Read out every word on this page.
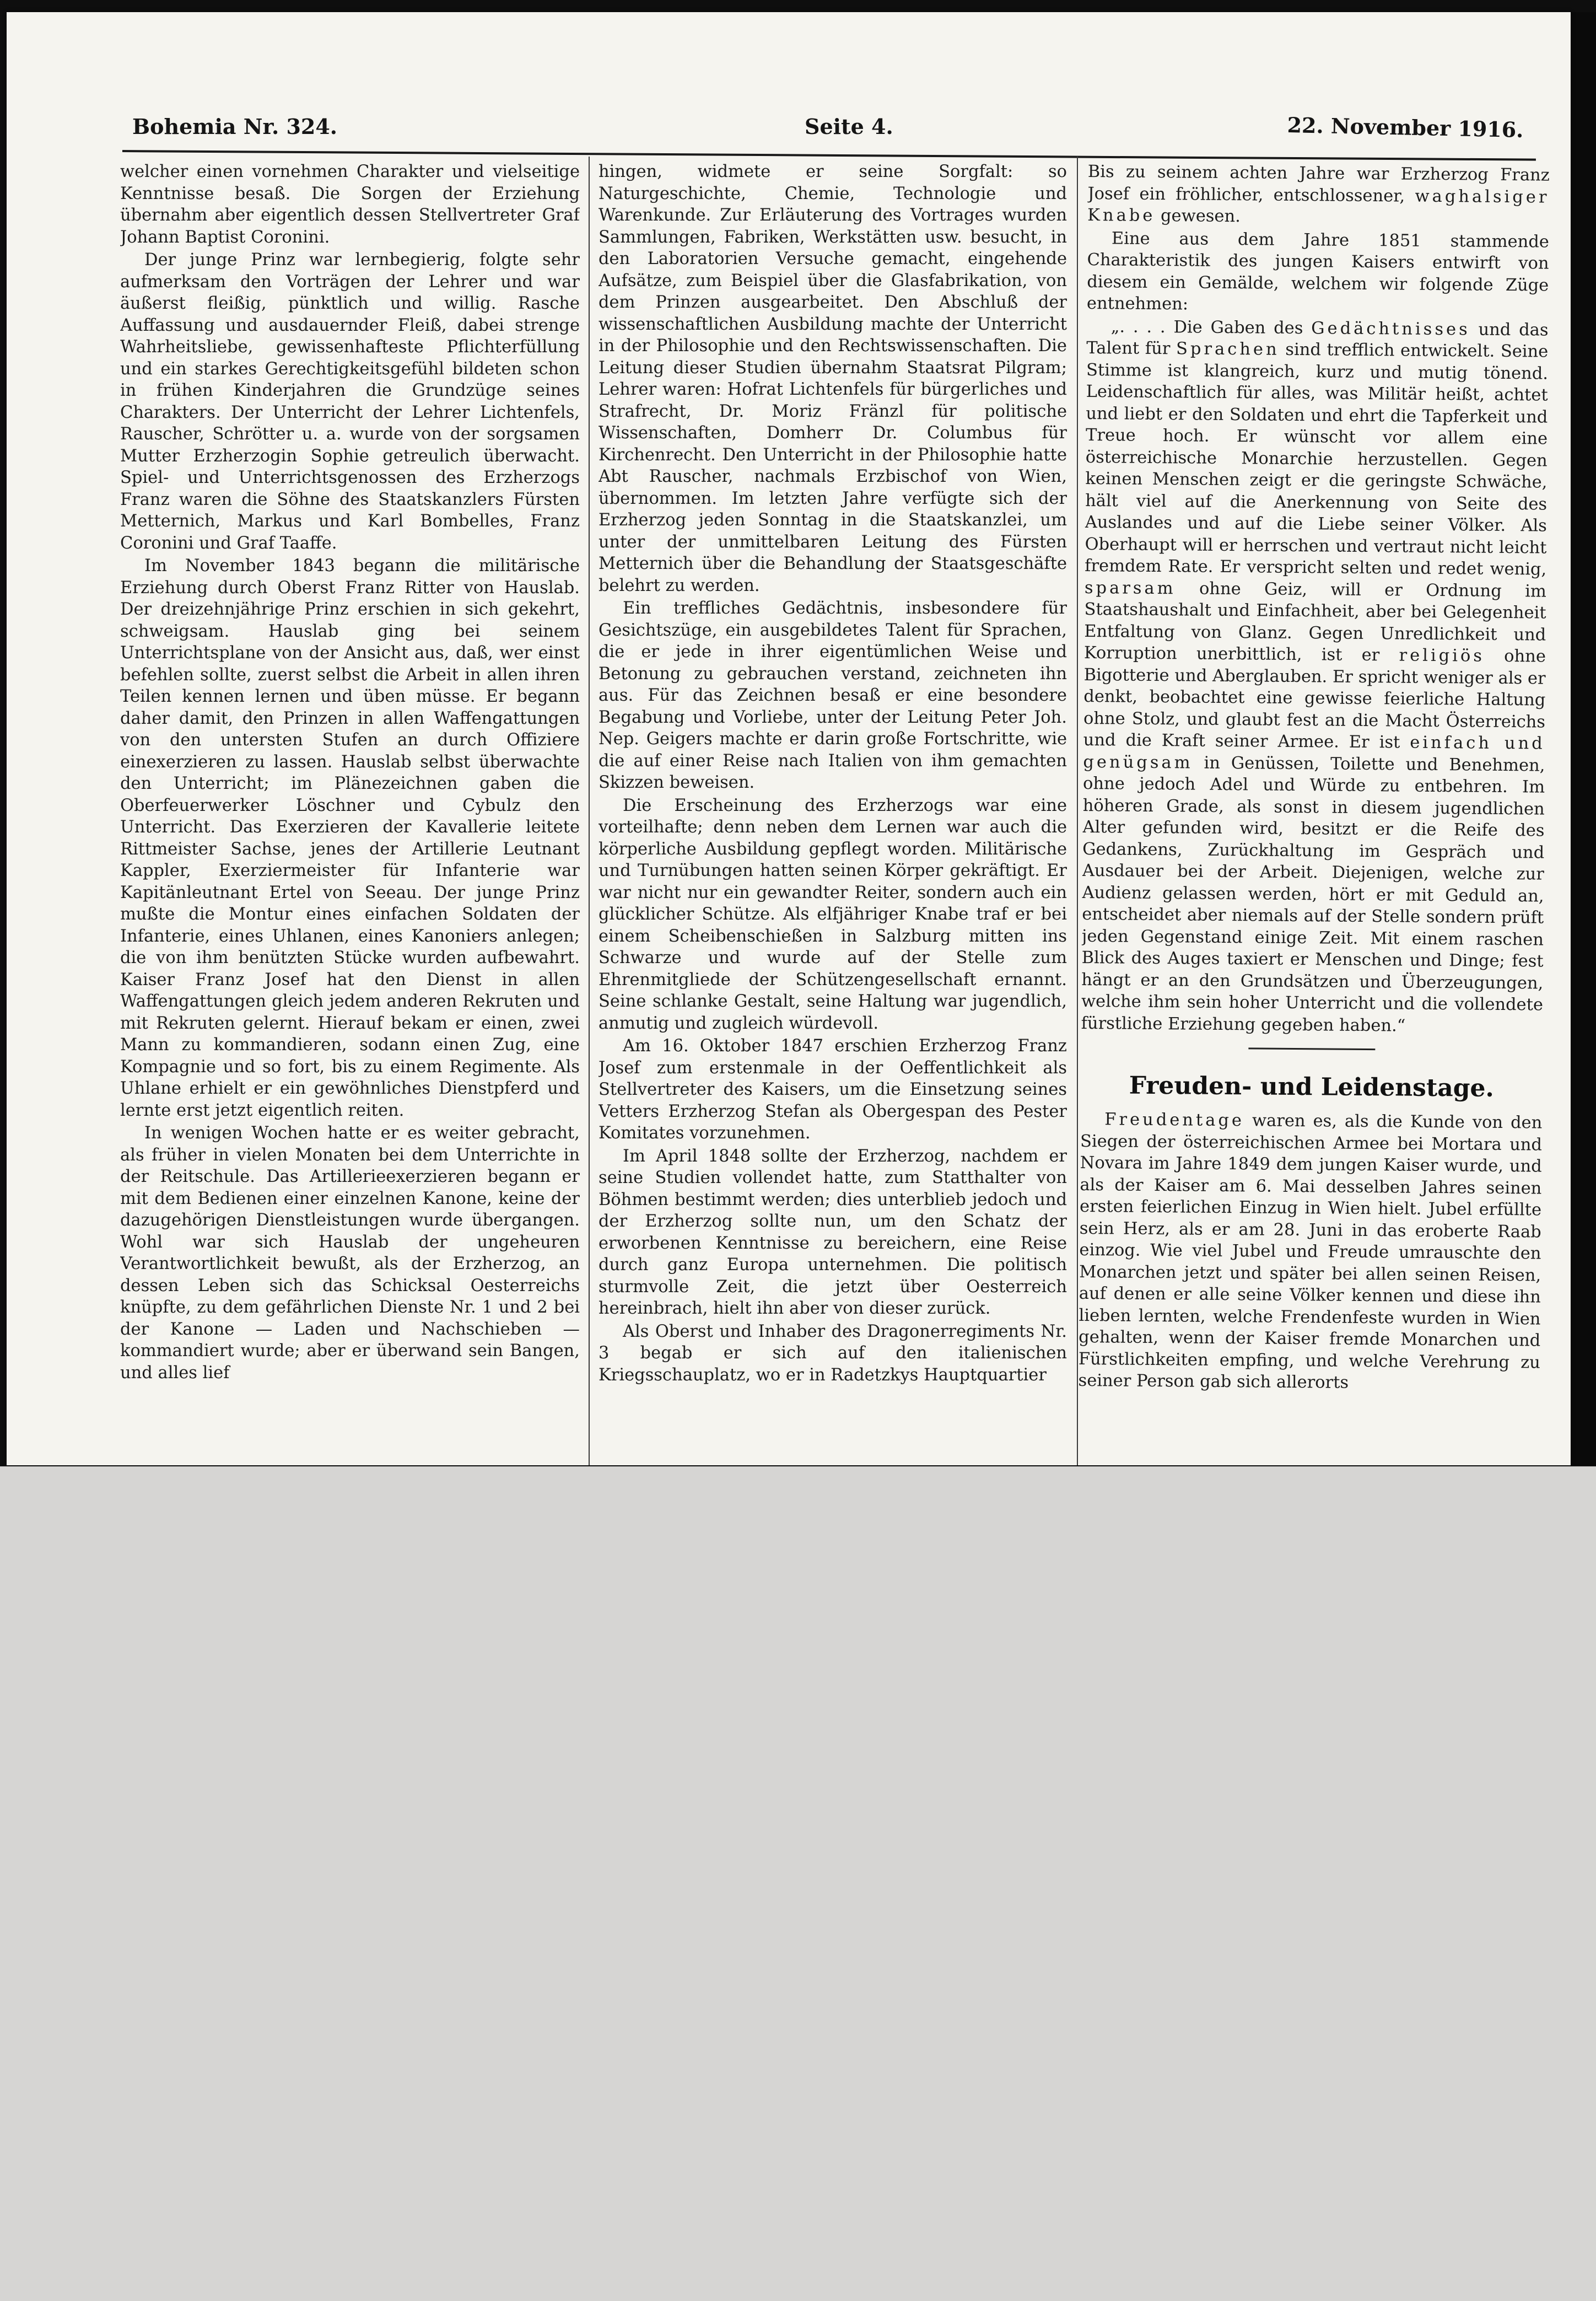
Bohemia Nr. 324.	Seite 4.	22. November 1916.

welcher einen vornehmen Charakter und vielseitige Kenntnisse besaß. Die Sorgen der Erziehung übernahm aber eigentlich dessen Stellvertreter Graf Johann Baptist Coronini.

Der junge Prinz war lernbegierig, folgte sehr aufmerksam den Vorträgen der Lehrer und war äußerst fleißig, pünktlich und willig. Rasche Auffassung und ausdauernder Fleiß, dabei strenge Wahrheitsliebe, gewissenhafteste Pflichterfüllung und ein starkes Gerechtigkeitsgefühl bildeten schon in frühen Kinderjahren die Grundzüge seines Charakters. Der Unterricht der Lehrer Lichtenfels, Rauscher, Schrötter u. a. wurde von der sorgsamen Mutter Erzherzogin Sophie getreulich überwacht. Spiel- und Unterrichtsgenossen des Erzherzogs Franz waren die Söhne des Staatskanzlers Fürsten Metternich, Markus und Karl Bombelles, Franz Coronini und Graf Taaffe.

Im November 1843 begann die militärische Erziehung durch Oberst Franz Ritter von Hauslab. Der dreizehnjährige Prinz erschien in sich gekehrt, schweigsam. Hauslab ging bei seinem Unterrichtsplane von der Ansicht aus, daß, wer einst befehlen sollte, zuerst selbst die Arbeit in allen ihren Teilen kennen lernen und üben müsse. Er begann daher damit, den Prinzen in allen Waffengattungen von den untersten Stufen an durch Offiziere einexerzieren zu lassen. Hauslab selbst überwachte den Unterricht; im Plänezeichnen gaben die Oberfeuerwerker Löschner und Cybulz den Unterricht. Das Exerzieren der Kavallerie leitete Rittmeister Sachse, jenes der Artillerie Leutnant Kappler, Exerziermeister für Infanterie war Kapitänleutnant Ertel von Seeau. Der junge Prinz mußte die Montur eines einfachen Soldaten der Infanterie, eines Uhlanen, eines Kanoniers anlegen; die von ihm benützten Stücke wurden aufbewahrt. Kaiser Franz Josef hat den Dienst in allen Waffengattungen gleich jedem anderen Rekruten und mit Rekruten gelernt. Hierauf bekam er einen, zwei Mann zu kommandieren, sodann einen Zug, eine Kompagnie und so fort, bis zu einem Regimente. Als Uhlane erhielt er ein gewöhnliches Dienstpferd und lernte erst jetzt eigentlich reiten.

In wenigen Wochen hatte er es weiter gebracht, als früher in vielen Monaten bei dem Unterrichte in der Reitschule. Das Artillerieexerzieren begann er mit dem Bedienen einer einzelnen Kanone, keine der dazugehörigen Dienstleistungen wurde übergangen. Wohl war sich Hauslab der ungeheuren Verantwortlichkeit bewußt, als der Erzherzog, an dessen Leben sich das Schicksal Oesterreichs knüpfte, zu dem gefährlichen Dienste Nr. 1 und 2 bei der Kanone — Laden und Nachschieben — kommandiert wurde; aber er überwand sein Bangen, und alles lief

hingen, widmete er seine Sorgfalt: so Naturgeschichte, Chemie, Technologie und Warenkunde. Zur Erläuterung des Vortrages wurden Sammlungen, Fabriken, Werkstätten usw. besucht, in den Laboratorien Versuche gemacht, eingehende Aufsätze, zum Beispiel über die Glasfabrikation, von dem Prinzen ausgearbeitet. Den Abschluß der wissenschaftlichen Ausbildung machte der Unterricht in der Philosophie und den Rechtswissenschaften. Die Leitung dieser Studien übernahm Staatsrat Pilgram; Lehrer waren: Hofrat Lichtenfels für bürgerliches und Strafrecht, Dr. Moriz Fränzl für politische Wissenschaften, Domherr Dr. Columbus für Kirchenrecht. Den Unterricht in der Philosophie hatte Abt Rauscher, nachmals Erzbischof von Wien, übernommen. Im letzten Jahre verfügte sich der Erzherzog jeden Sonntag in die Staatskanzlei, um unter der unmittelbaren Leitung des Fürsten Metternich über die Behandlung der Staatsgeschäfte belehrt zu werden.

Ein treffliches Gedächtnis, insbesondere für Gesichtszüge, ein ausgebildetes Talent für Sprachen, die er jede in ihrer eigentümlichen Weise und Betonung zu gebrauchen verstand, zeichneten ihn aus. Für das Zeichnen besaß er eine besondere Begabung und Vorliebe, unter der Leitung Peter Joh. Nep. Geigers machte er darin große Fortschritte, wie die auf einer Reise nach Italien von ihm gemachten Skizzen beweisen.

Die Erscheinung des Erzherzogs war eine vorteilhafte; denn neben dem Lernen war auch die körperliche Ausbildung gepflegt worden. Militärische und Turnübungen hatten seinen Körper gekräftigt. Er war nicht nur ein gewandter Reiter, sondern auch ein glücklicher Schütze. Als elfjähriger Knabe traf er bei einem Scheibenschießen in Salzburg mitten ins Schwarze und wurde auf der Stelle zum Ehrenmitgliede der Schützengesellschaft ernannt. Seine schlanke Gestalt, seine Haltung war jugendlich, anmutig und zugleich würdevoll.

Am 16. Oktober 1847 erschien Erzherzog Franz Josef zum erstenmale in der Oeffentlichkeit als Stellvertreter des Kaisers, um die Einsetzung seines Vetters Erzherzog Stefan als Obergespan des Pester Komitates vorzunehmen.

Im April 1848 sollte der Erzherzog, nachdem er seine Studien vollendet hatte, zum Statthalter von Böhmen bestimmt werden; dies unterblieb jedoch und der Erzherzog sollte nun, um den Schatz der erworbenen Kenntnisse zu bereichern, eine Reise durch ganz Europa unternehmen. Die politisch sturmvolle Zeit, die jetzt über Oesterreich hereinbrach, hielt ihn aber von dieser zurück.

Als Oberst und Inhaber des Dragonerregiments Nr. 3 begab er sich auf den italienischen Kriegsschauplatz, wo er in Radetzkys Hauptquartier

Bis zu seinem achten Jahre war Erzherzog Franz Josef ein fröhlicher, entschlossener, waghalsiger Knabe gewesen.

Eine aus dem Jahre 1851 stammende Charakteristik des jungen Kaisers entwirft von diesem ein Gemälde, welchem wir folgende Züge entnehmen:

„. . . . Die Gaben des Gedächtnisses und das Talent für Sprachen sind trefflich entwickelt. Seine Stimme ist klangreich, kurz und mutig tönend. Leidenschaftlich für alles, was Militär heißt, achtet und liebt er den Soldaten und ehrt die Tapferkeit und Treue hoch. Er wünscht vor allem eine österreichische Monarchie herzustellen. Gegen keinen Menschen zeigt er die geringste Schwäche, hält viel auf die Anerkennung von Seite des Auslandes und auf die Liebe seiner Völker. Als Oberhaupt will er herrschen und vertraut nicht leicht fremdem Rate. Er verspricht selten und redet wenig, sparsam ohne Geiz, will er Ordnung im Staatshaushalt und Einfachheit, aber bei Gelegenheit Entfaltung von Glanz. Gegen Unredlichkeit und Korruption unerbittlich, ist er religiös ohne Bigotterie und Aberglauben. Er spricht weniger als er denkt, beobachtet eine gewisse feierliche Haltung ohne Stolz, und glaubt fest an die Macht Österreichs und die Kraft seiner Armee. Er ist einfach und genügsam in Genüssen, Toilette und Benehmen, ohne jedoch Adel und Würde zu entbehren. Im höheren Grade, als sonst in diesem jugendlichen Alter gefunden wird, besitzt er die Reife des Gedankens, Zurückhaltung im Gespräch und Ausdauer bei der Arbeit. Diejenigen, welche zur Audienz gelassen werden, hört er mit Geduld an, entscheidet aber niemals auf der Stelle sondern prüft jeden Gegenstand einige Zeit. Mit einem raschen Blick des Auges taxiert er Menschen und Dinge; fest hängt er an den Grundsätzen und Überzeugungen, welche ihm sein hoher Unterricht und die vollendete fürstliche Erziehung gegeben haben.“

Freuden- und Leidenstage.

Freudentage waren es, als die Kunde von den Siegen der österreichischen Armee bei Mortara und Novara im Jahre 1849 dem jungen Kaiser wurde, und als der Kaiser am 6. Mai desselben Jahres seinen ersten feierlichen Einzug in Wien hielt. Jubel erfüllte sein Herz, als er am 28. Juni in das eroberte Raab einzog. Wie viel Jubel und Freude umrauschte den Monarchen jetzt und später bei allen seinen Reisen, auf denen er alle seine Völker kennen und diese ihn lieben lernten, welche Frendenfeste wurden in Wien gehalten, wenn der Kaiser fremde Monarchen und Fürstlichkeiten empfing, und welche Verehrung zu seiner Person gab sich allerorts
